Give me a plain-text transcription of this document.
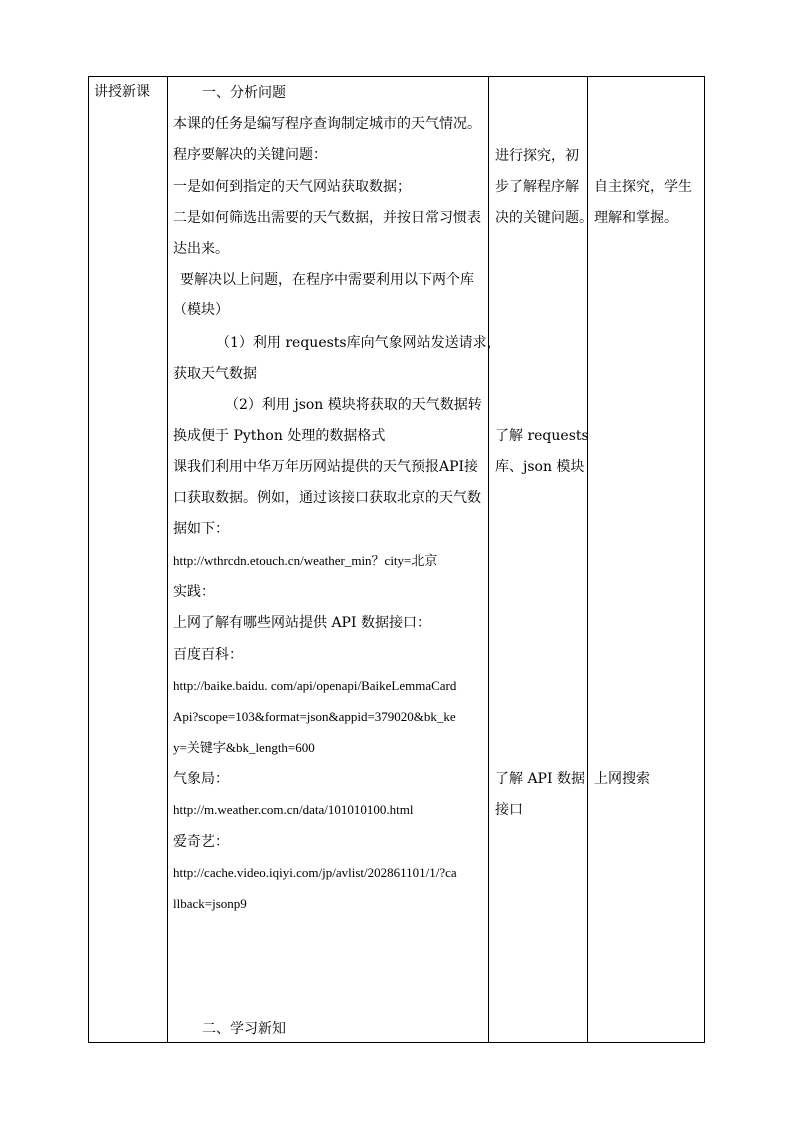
讲授新课	一、分析问题
本课的任务是编写程序查询制定城市的天气情况。
程序要解决的关键问题：
一是如何到指定的天气网站获取数据；
二是如何筛选出需要的天气数据，并按日常习惯表
达出来。
要解决以上问题，在程序中需要利用以下两个库
（模块）
（1）利用 requests库向气象网站发送请求，
获取天气数据
（2）利用 json 模块将获取的天气数据转
换成便于 Python 处理的数据格式
课我们利用中华万年历网站提供的天气预报API接
口获取数据。例如，通过该接口获取北京的天气数
据如下：
http://wthrcdn.etouch.cn/weather_min？city=北京
实践：
上网了解有哪些网站提供 API 数据接口：
百度百科：
http://baike.baidu. com/api/openapi/BaikeLemmaCard
Api?scope=103&format=json&appid=379020&bk_ke
y=关键字&bk_length=600
气象局：
http://m.weather.com.cn/data/101010100.html
爱奇艺：
http://cache.video.iqiyi.com/jp/avlist/202861101/1/?ca
llback=jsonp9
二、学习新知
进行探究，初
步了解程序解
决的关键问题。
了解 requests
库、json 模块
了解 API 数据
接口
自主探究，学生
理解和掌握。
上网搜索
